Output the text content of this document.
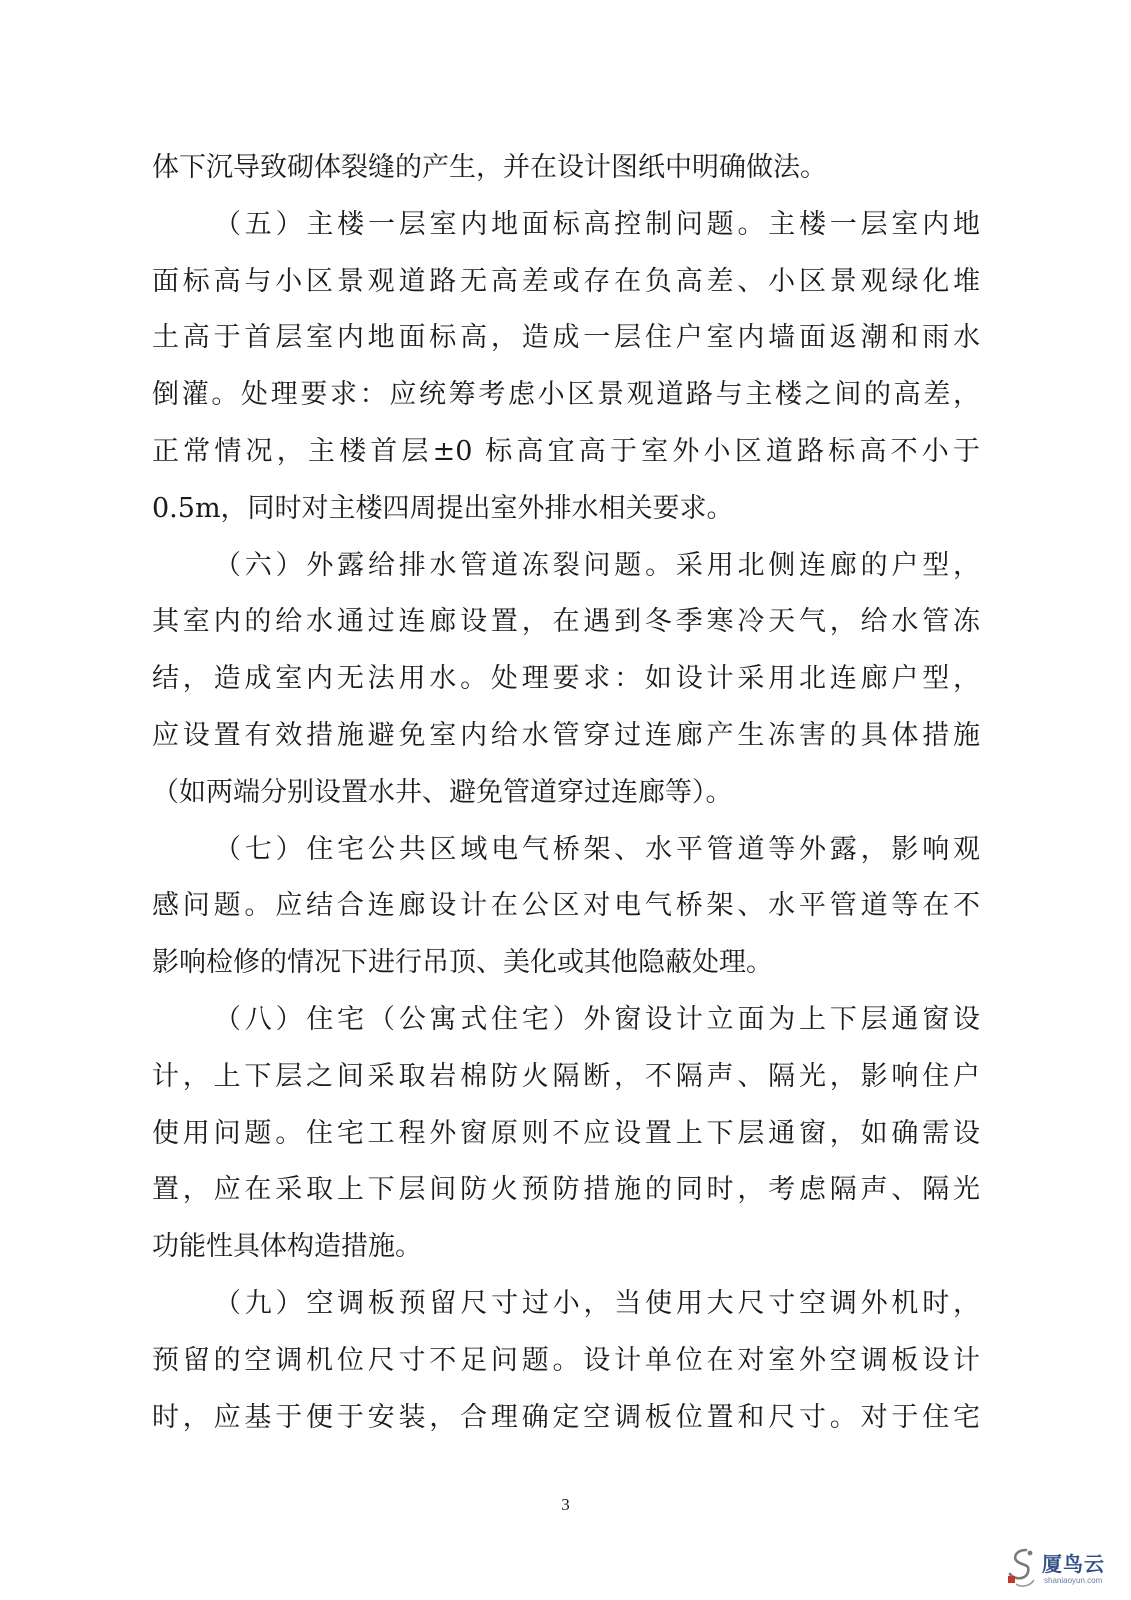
体下沉导致砌体裂缝的产生，并在设计图纸中明确做法。
（五）主楼一层室内地面标高控制问题。主楼一层室内地
面标高与小区景观道路无高差或存在负高差、小区景观绿化堆
土高于首层室内地面标高，造成一层住户室内墙面返潮和雨水
倒灌。处理要求：应统筹考虑小区景观道路与主楼之间的高差，
正常情况，主楼首层±0 标高宜高于室外小区道路标高不小于
0.5m，同时对主楼四周提出室外排水相关要求。
（六）外露给排水管道冻裂问题。采用北侧连廊的户型，
其室内的给水通过连廊设置，在遇到冬季寒冷天气，给水管冻
结，造成室内无法用水。处理要求：如设计采用北连廊户型，
应设置有效措施避免室内给水管穿过连廊产生冻害的具体措施
（如两端分别设置水井、避免管道穿过连廊等）。
（七）住宅公共区域电气桥架、水平管道等外露，影响观
感问题。应结合连廊设计在公区对电气桥架、水平管道等在不
影响检修的情况下进行吊顶、美化或其他隐蔽处理。
（八）住宅（公寓式住宅）外窗设计立面为上下层通窗设
计，上下层之间采取岩棉防火隔断，不隔声、隔光，影响住户
使用问题。住宅工程外窗原则不应设置上下层通窗，如确需设
置，应在采取上下层间防火预防措施的同时，考虑隔声、隔光
功能性具体构造措施。
（九）空调板预留尺寸过小，当使用大尺寸空调外机时，
预留的空调机位尺寸不足问题。设计单位在对室外空调板设计
时，应基于便于安装，合理确定空调板位置和尺寸。对于住宅
3
厦鸟云
shaniaoyun.com
